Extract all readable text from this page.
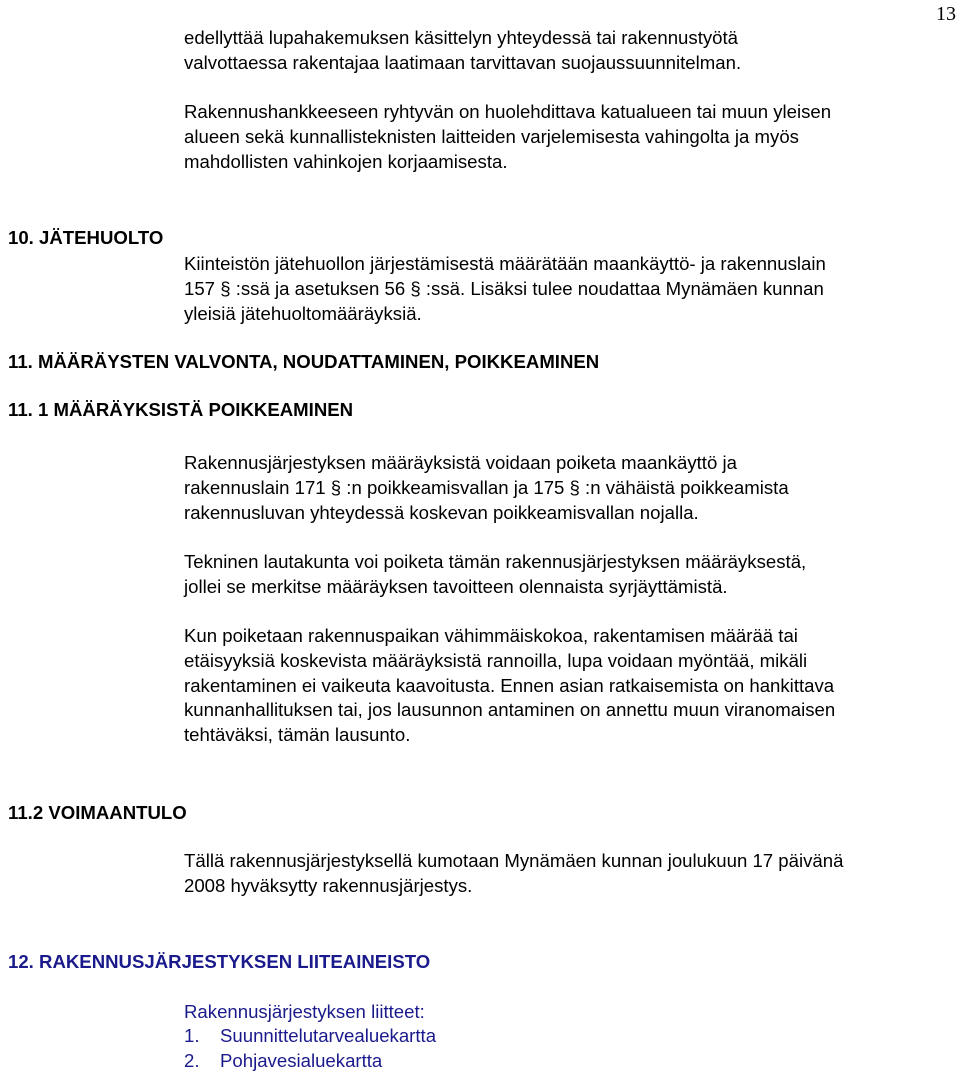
13

edellyttää lupahakemuksen käsittelyn yhteydessä tai rakennustyötä
valvottaessa rakentajaa laatimaan tarvittavan suojaussuunnitelman.

Rakennushankkeeseen ryhtyvän on huolehdittava katualueen tai muun yleisen
alueen sekä kunnallisteknisten laitteiden varjelemisesta vahingolta ja myös
mahdollisten vahinkojen korjaamisesta.

10. JÄTEHUOLTO

Kiinteistön jätehuollon järjestämisestä määrätään maankäyttö- ja rakennuslain
157 § :ssä ja asetuksen 56 § :ssä. Lisäksi tulee noudattaa Mynämäen kunnan
yleisiä jätehuoltomääräyksiä.

11. MÄÄRÄYSTEN VALVONTA, NOUDATTAMINEN, POIKKEAMINEN
11. 1 MÄÄRÄYKSISTÄ POIKKEAMINEN

Rakennusjärjestyksen määräyksistä voidaan poiketa maankäyttö ja
rakennuslain 171 § :n poikkeamisvallan ja 175 § :n vähäistä poikkeamista
rakennusluvan yhteydessä koskevan poikkeamisvallan nojalla.

Tekninen lautakunta voi poiketa tämän rakennusjärjestyksen määräyksestä,
jollei se merkitse määräyksen tavoitteen olennaista syrjäyttämistä.

Kun poiketaan rakennuspaikan vähimmäiskokoa, rakentamisen määrää tai
etäisyyksiä koskevista määräyksistä rannoilla, lupa voidaan myöntää, mikäli
rakentaminen ei vaikeuta kaavoitusta. Ennen asian ratkaisemista on hankittava
kunnanhallituksen tai, jos lausunnon antaminen on annettu muun viranomaisen
tehtäväksi, tämän lausunto.

11.2 VOIMAANTULO

Tällä rakennusjärjestyksellä kumotaan Mynämäen kunnan joulukuun 17 päivänä
2008 hyväksytty rakennusjärjestys.

12. RAKENNUSJÄRJESTYKSEN LIITEAINEISTO

Rakennusjärjestyksen liitteet:

1.	Suunnittelutarvealuekartta
2.	Pohjavesialuekartta
